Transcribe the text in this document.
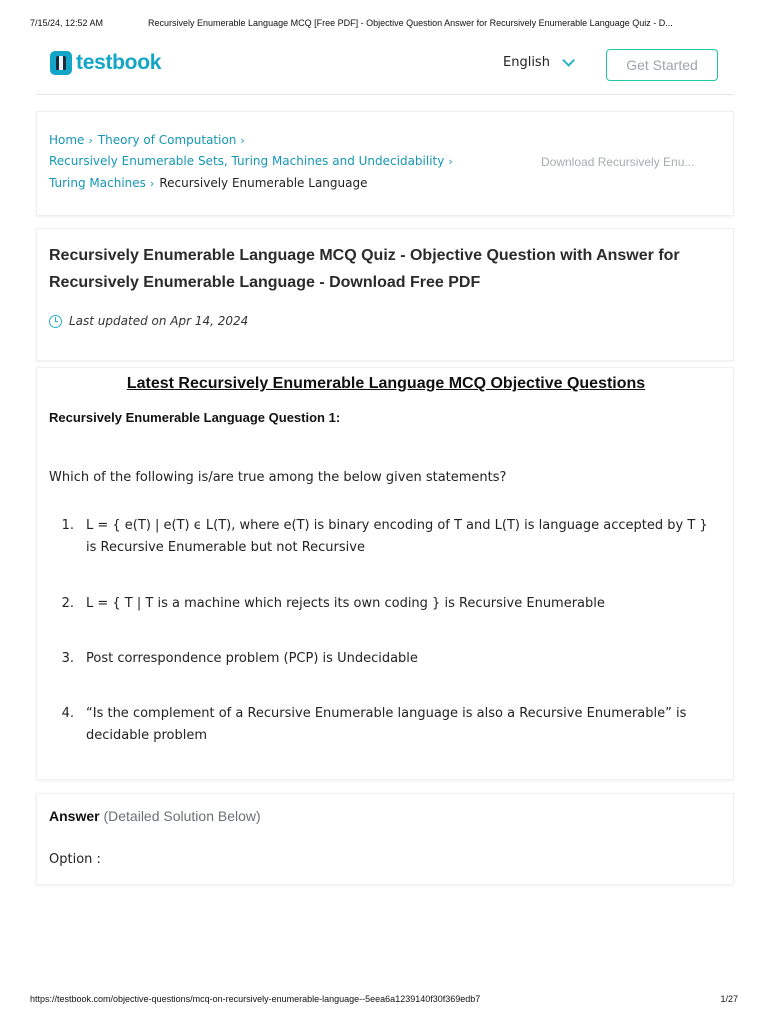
7/15/24, 12:52 AM	Recursively Enumerable Language MCQ [Free PDF] - Objective Question Answer for Recursively Enumerable Language Quiz - D...
testbook	English	Get Started
Home › Theory of Computation ›
Recursively Enumerable Sets, Turing Machines and Undecidability ›
Turing Machines › Recursively Enumerable Language
Download Recursively Enu...
Recursively Enumerable Language MCQ Quiz - Objective Question with Answer for Recursively Enumerable Language - Download Free PDF
Last updated on Apr 14, 2024
Latest Recursively Enumerable Language MCQ Objective Questions
Recursively Enumerable Language Question 1:
Which of the following is/are true among the below given statements?
1. L = { e(T) | e(T) ϵ L(T), where e(T) is binary encoding of T and L(T) is language accepted by T } is Recursive Enumerable but not Recursive
2. L = { T | T is a machine which rejects its own coding } is Recursive Enumerable
3. Post correspondence problem (PCP) is Undecidable
4. “Is the complement of a Recursive Enumerable language is also a Recursive Enumerable” is decidable problem
Answer (Detailed Solution Below)
Option :
https://testbook.com/objective-questions/mcq-on-recursively-enumerable-language--5eea6a1239140f30f369edb7	1/27
